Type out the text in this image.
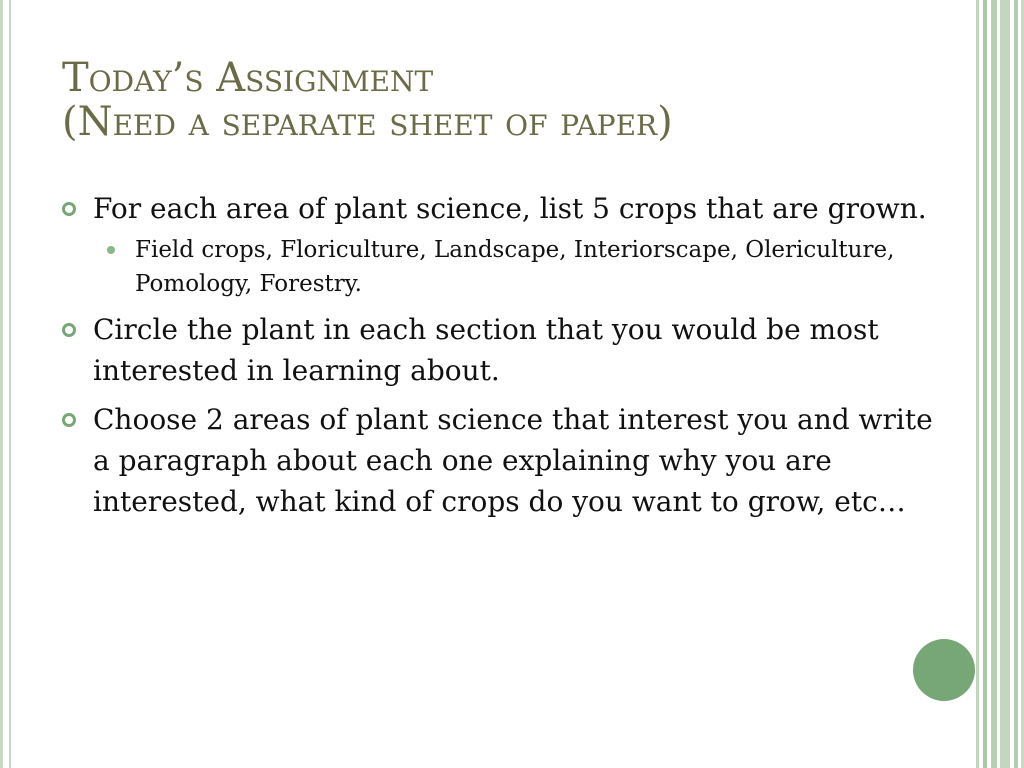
Today’s Assignment
(Need a separate sheet of paper)
For each area of plant science, list 5 crops that are grown.
Field crops, Floriculture, Landscape, Interiorscape, Olericulture, Pomology, Forestry.
Circle the plant in each section that you would be most interested in learning about.
Choose 2 areas of plant science that interest you and write a paragraph about each one explaining why you are interested, what kind of crops do you want to grow, etc…
